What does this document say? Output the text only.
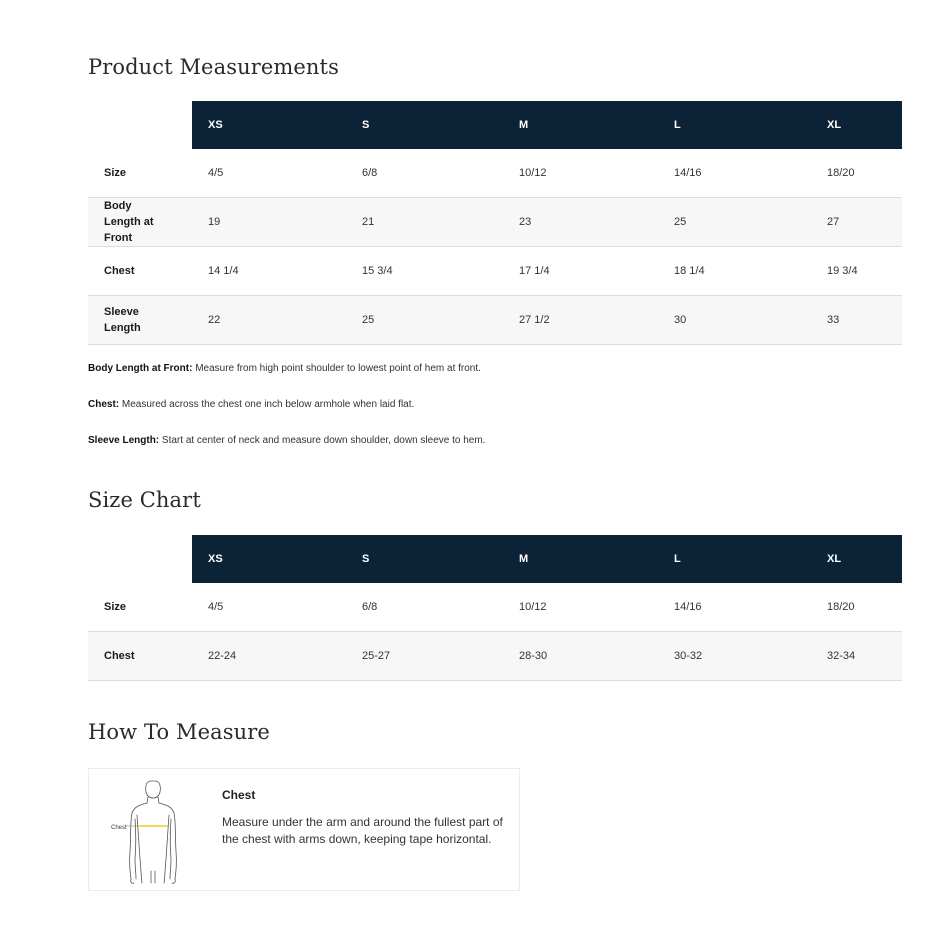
Product Measurements
	XS	S	M	L	XL
Size	4/5	6/8	10/12	14/16	18/20
Body Length at Front	19	21	23	25	27
Chest	14 1/4	15 3/4	17 1/4	18 1/4	19 3/4
Sleeve Length	22	25	27 1/2	30	33

Body Length at Front: Measure from high point shoulder to lowest point of hem at front.

Chest: Measured across the chest one inch below armhole when laid flat.

Sleeve Length: Start at center of neck and measure down shoulder, down sleeve to hem.

Size Chart
	XS	S	M	L	XL
Size	4/5	6/8	10/12	14/16	18/20
Chest	22-24	25-27	28-30	30-32	32-34
How To Measure
Chest
Chest
Measure under the arm and around the fullest part of the chest with arms down, keeping tape horizontal.
